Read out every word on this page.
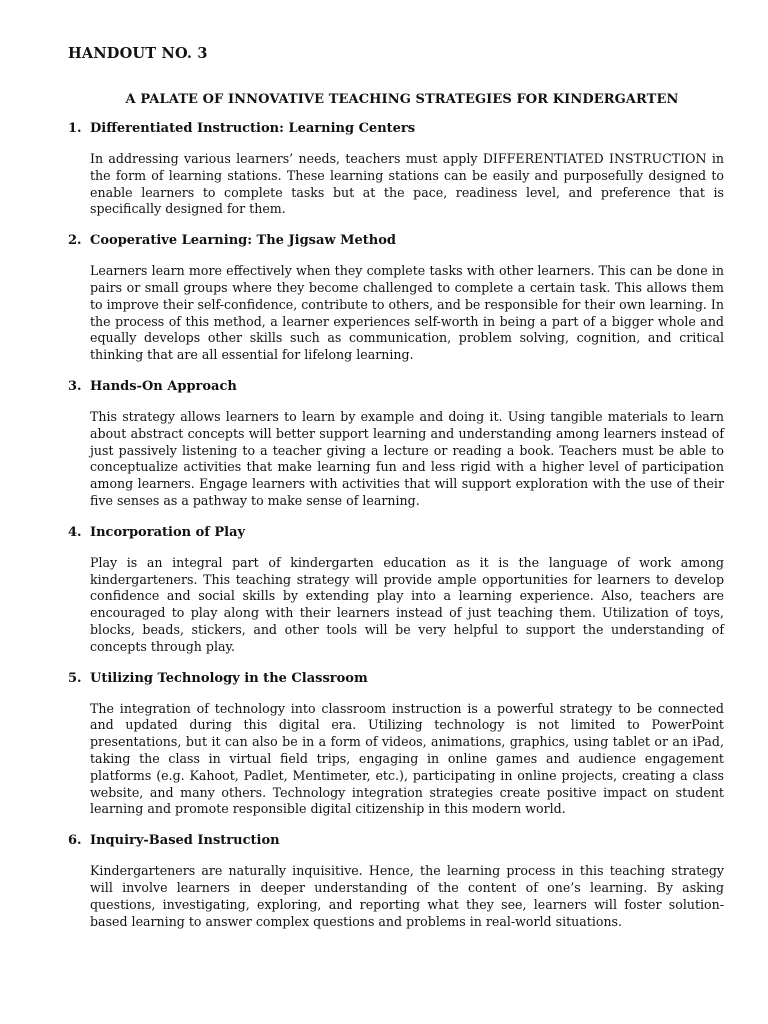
HANDOUT NO. 3

A PALATE OF INNOVATIVE TEACHING STRATEGIES FOR KINDERGARTEN
1. Differentiated Instruction: Learning Centers

In addressing various learners’ needs, teachers must apply DIFFERENTIATED INSTRUCTION in the form of learning stations. These learning stations can be easily and purposefully designed to enable learners to complete tasks but at the pace, readiness level, and preference that is specifically designed for them.

2. Cooperative Learning: The Jigsaw Method

Learners learn more effectively when they complete tasks with other learners. This can be done in pairs or small groups where they become challenged to complete a certain task. This allows them to improve their self-confidence, contribute to others, and be responsible for their own learning. In the process of this method, a learner experiences self-worth in being a part of a bigger whole and equally develops other skills such as communication, problem solving, cognition, and critical thinking that are all essential for lifelong learning.

3. Hands-On Approach

This strategy allows learners to learn by example and doing it. Using tangible materials to learn about abstract concepts will better support learning and understanding among learners instead of just passively listening to a teacher giving a lecture or reading a book. Teachers must be able to conceptualize activities that make learning fun and less rigid with a higher level of participation among learners. Engage learners with activities that will support exploration with the use of their five senses as a pathway to make sense of learning.

4. Incorporation of Play

Play is an integral part of kindergarten education as it is the language of work among kindergarteners. This teaching strategy will provide ample opportunities for learners to develop confidence and social skills by extending play into a learning experience. Also, teachers are encouraged to play along with their learners instead of just teaching them. Utilization of toys, blocks, beads, stickers, and other tools will be very helpful to support the understanding of concepts through play.

5. Utilizing Technology in the Classroom

The integration of technology into classroom instruction is a powerful strategy to be connected and updated during this digital era. Utilizing technology is not limited to PowerPoint presentations, but it can also be in a form of videos, animations, graphics, using tablet or an iPad, taking the class in virtual field trips, engaging in online games and audience engagement platforms (e.g. Kahoot, Padlet, Mentimeter, etc.), participating in online projects, creating a class website, and many others. Technology integration strategies create positive impact on student learning and promote responsible digital citizenship in this modern world.

6. Inquiry-Based Instruction

Kindergarteners are naturally inquisitive. Hence, the learning process in this teaching strategy will involve learners in deeper understanding of the content of one’s learning. By asking questions, investigating, exploring, and reporting what they see, learners will foster solution-based learning to answer complex questions and problems in real-world situations.
